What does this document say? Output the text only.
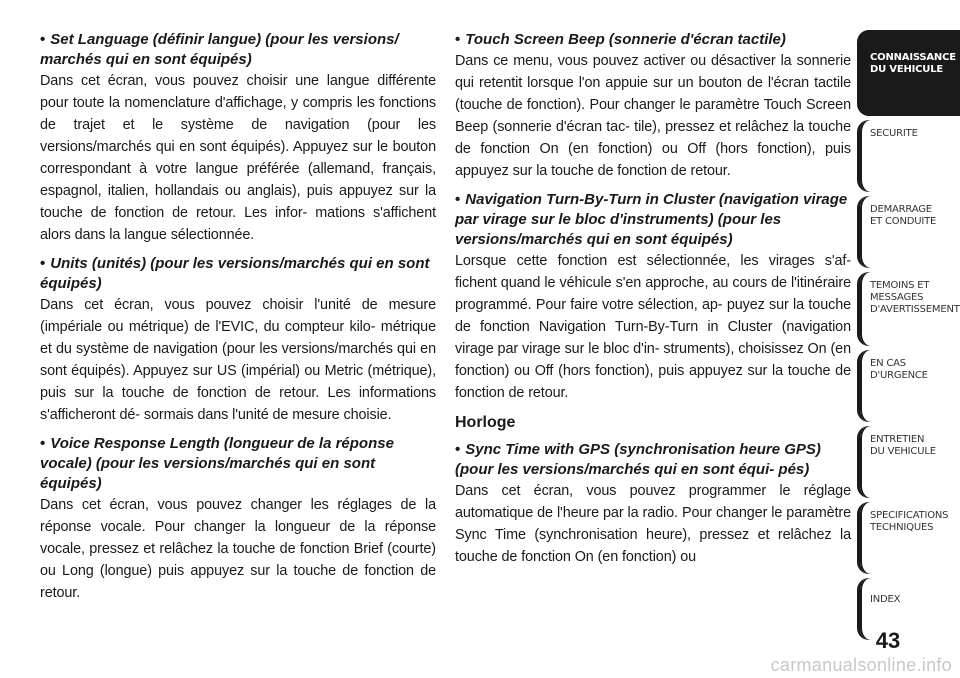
• Set Language (définir langue) (pour les versions/ marchés qui en sont équipés)

Dans cet écran, vous pouvez choisir une langue différente pour toute la nomenclature d'affichage, y compris les fonctions de trajet et le système de navigation (pour les versions/marchés qui en sont équipés). Appuyez sur le bouton correspondant à votre langue préférée (allemand, français, espagnol, italien, hollandais ou anglais), puis appuyez sur la touche de fonction de retour. Les infor- mations s'affichent alors dans la langue sélectionnée.

• Units (unités) (pour les versions/marchés qui en sont équipés)

Dans cet écran, vous pouvez choisir l'unité de mesure (impériale ou métrique) de l'EVIC, du compteur kilo- métrique et du système de navigation (pour les versions/marchés qui en sont équipés). Appuyez sur US (impérial) ou Metric (métrique), puis sur la touche de fonction de retour. Les informations s'afficheront dé- sormais dans l'unité de mesure choisie.

• Voice Response Length (longueur de la réponse vocale) (pour les versions/marchés qui en sont équipés)

Dans cet écran, vous pouvez changer les réglages de la réponse vocale. Pour changer la longueur de la réponse vocale, pressez et relâchez la touche de fonction Brief (courte) ou Long (longue) puis appuyez sur la touche de fonction de retour.

• Touch Screen Beep (sonnerie d'écran tactile)

Dans ce menu, vous pouvez activer ou désactiver la sonnerie qui retentit lorsque l'on appuie sur un bouton de l'écran tactile (touche de fonction). Pour changer le paramètre Touch Screen Beep (sonnerie d'écran tac- tile), pressez et relâchez la touche de fonction On (en fonction) ou Off (hors fonction), puis appuyez sur la touche de fonction de retour.

• Navigation Turn-By-Turn in Cluster (navigation virage par virage sur le bloc d'instruments) (pour les versions/marchés qui en sont équipés)

Lorsque cette fonction est sélectionnée, les virages s'af- fichent quand le véhicule s'en approche, au cours de l'itinéraire programmé. Pour faire votre sélection, ap- puyez sur la touche de fonction Navigation Turn-By-Turn in Cluster (navigation virage par virage sur le bloc d'in- struments), choisissez On (en fonction) ou Off (hors fonction), puis appuyez sur la touche de fonction de retour.

Horloge

• Sync Time with GPS (synchronisation heure GPS) (pour les versions/marchés qui en sont équi- pés)

Dans cet écran, vous pouvez programmer le réglage automatique de l'heure par la radio. Pour changer le paramètre Sync Time (synchronisation heure), pressez et relâchez la touche de fonction On (en fonction) ou

CONNAISSANCE
DU VEHICULE
SECURITE
DEMARRAGE
ET CONDUITE
TEMOINS ET
MESSAGES
D'AVERTISSEMENT
EN CAS
D'URGENCE
ENTRETIEN
DU VEHICULE
SPECIFICATIONS
TECHNIQUES
INDEX
43
carmanualsonline.info
